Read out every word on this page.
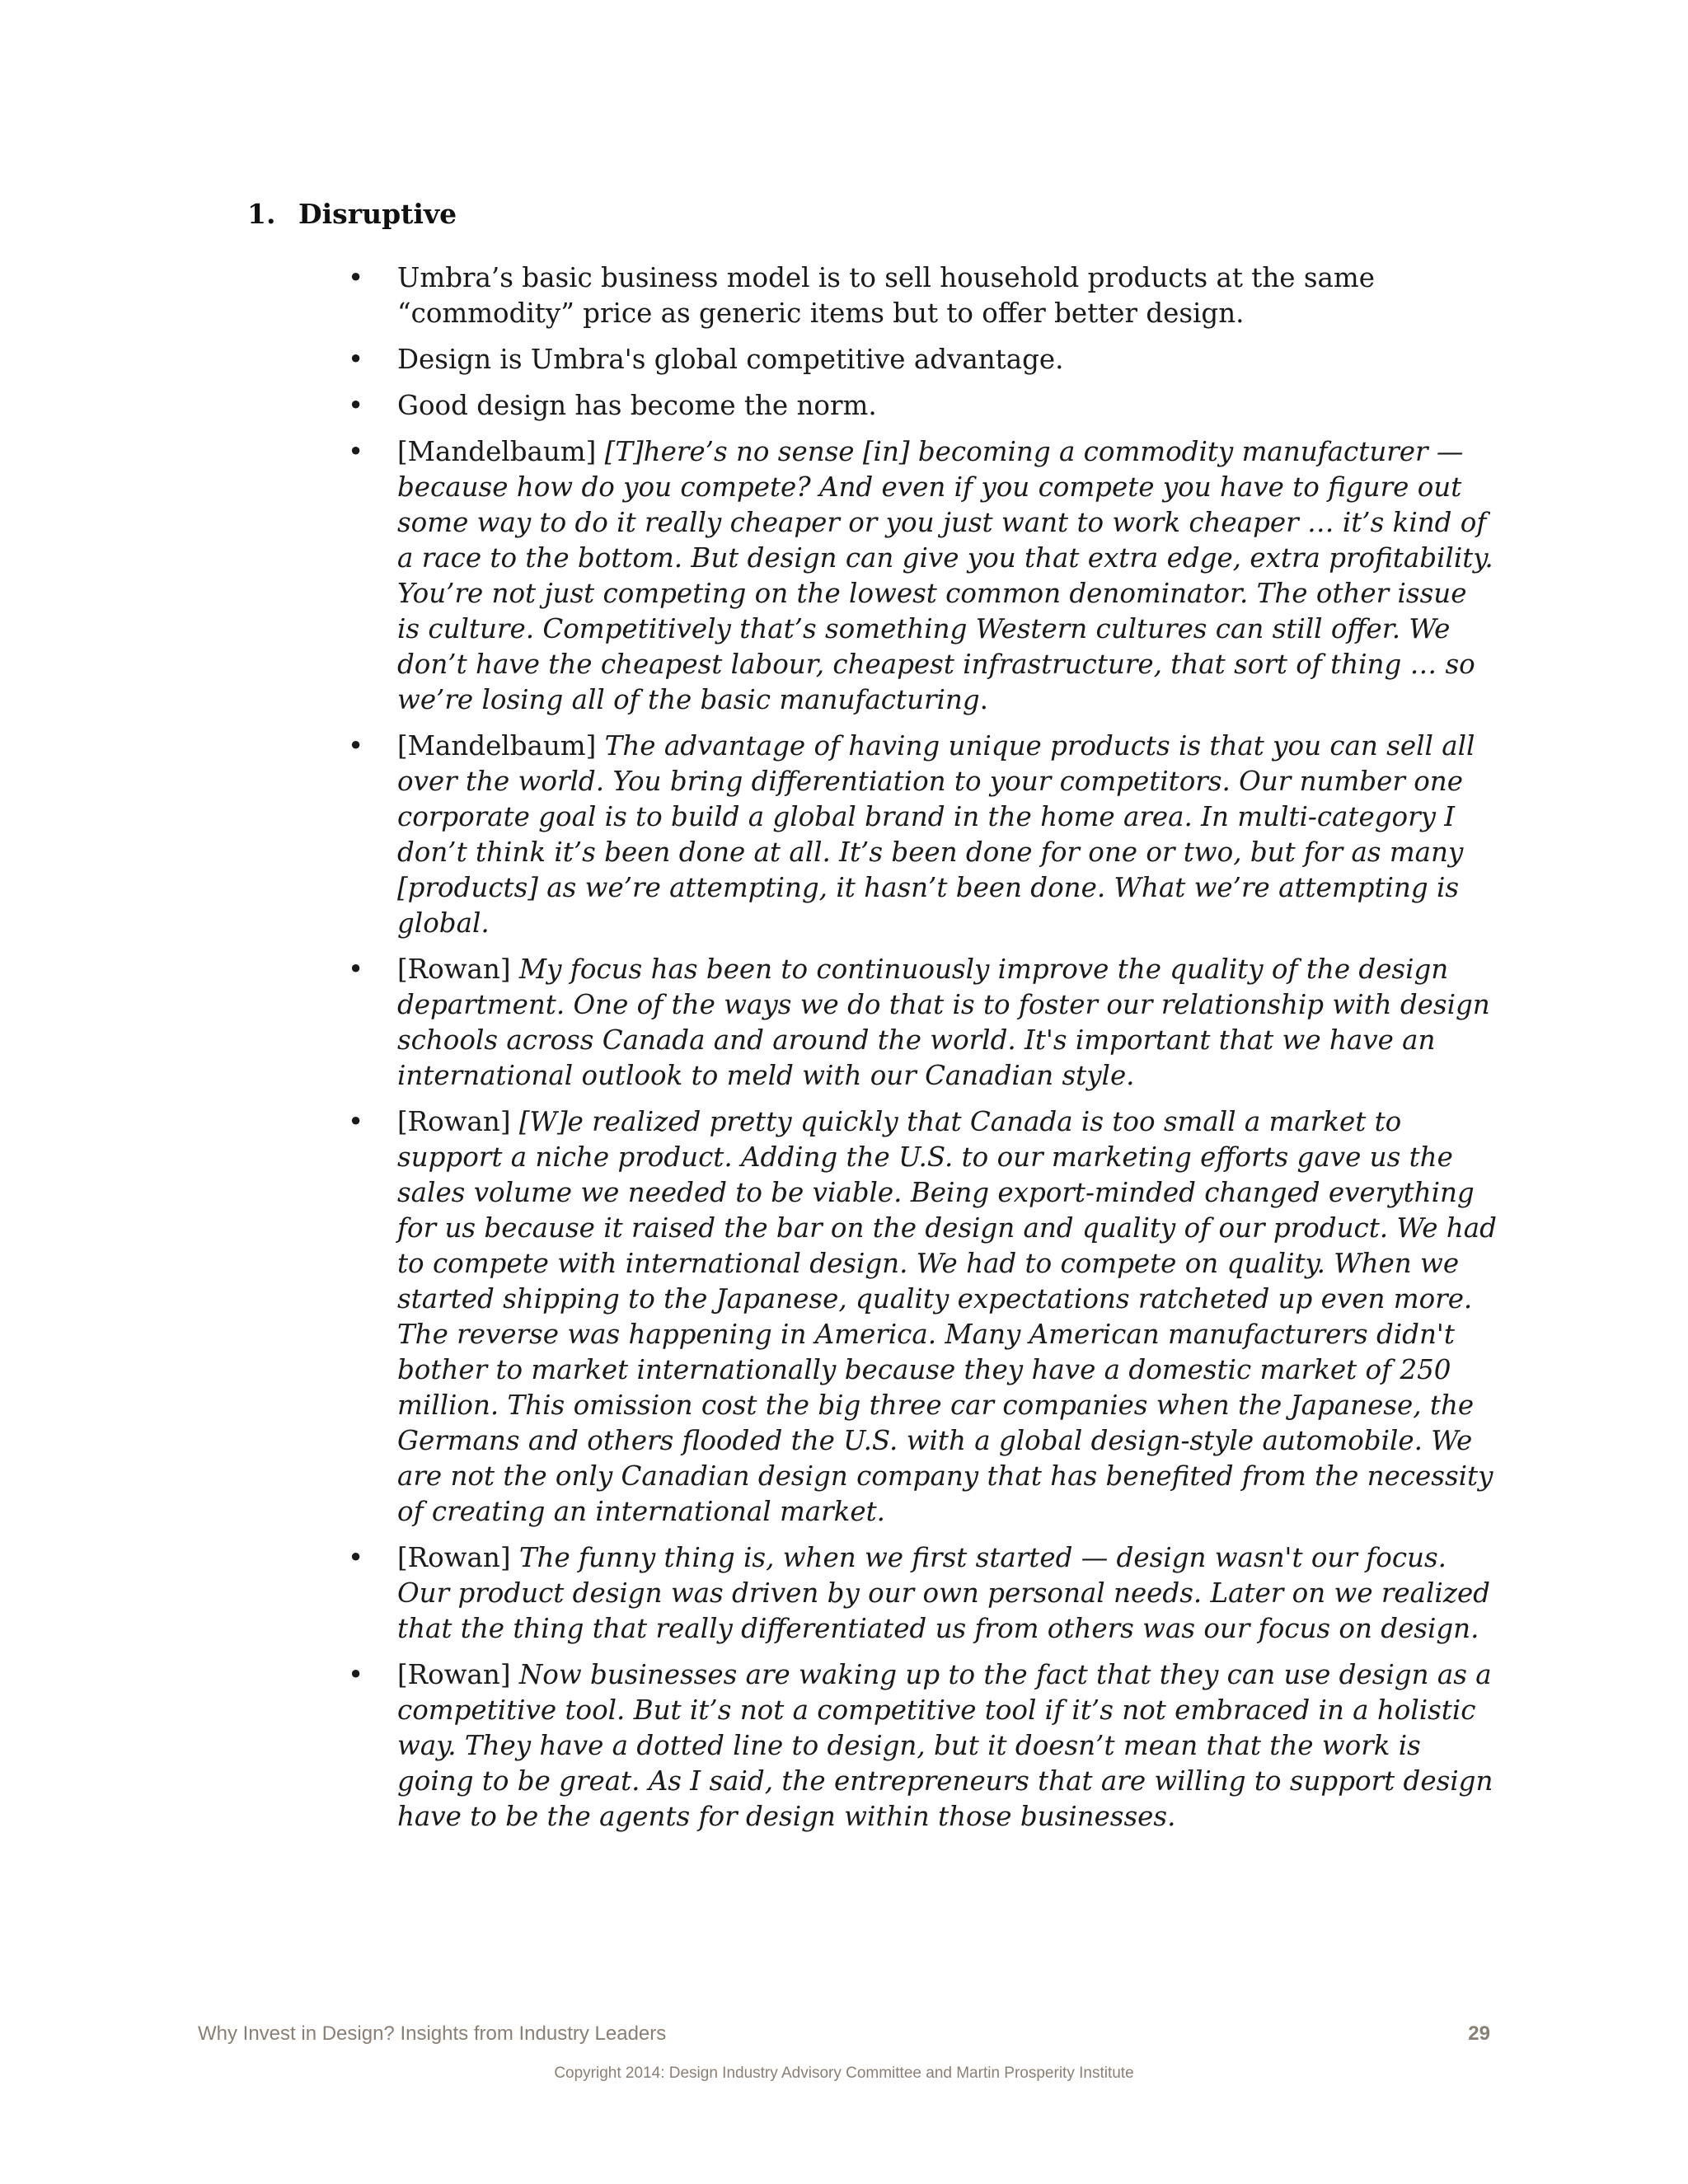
1. Disruptive
•	Umbra’s basic business model is to sell household products at the same “commodity” price as generic items but to offer better design.
•	Design is Umbra's global competitive advantage.
•	Good design has become the norm.
•	[Mandelbaum] [T]here’s no sense [in] becoming a commodity manufacturer — because how do you compete? And even if you compete you have to figure out some way to do it really cheaper or you just want to work cheaper … it’s kind of a race to the bottom. But design can give you that extra edge, extra profitability. You’re not just competing on the lowest common denominator. The other issue is culture. Competitively that’s something Western cultures can still offer. We don’t have the cheapest labour, cheapest infrastructure, that sort of thing … so we’re losing all of the basic manufacturing.
•	[Mandelbaum] The advantage of having unique products is that you can sell all over the world. You bring differentiation to your competitors. Our number one corporate goal is to build a global brand in the home area. In multi-category I don’t think it’s been done at all. It’s been done for one or two, but for as many [products] as we’re attempting, it hasn’t been done. What we’re attempting is global.
•	[Rowan] My focus has been to continuously improve the quality of the design department. One of the ways we do that is to foster our relationship with design schools across Canada and around the world. It's important that we have an international outlook to meld with our Canadian style.
•	[Rowan] [W]e realized pretty quickly that Canada is too small a market to support a niche product. Adding the U.S. to our marketing efforts gave us the sales volume we needed to be viable. Being export-minded changed everything for us because it raised the bar on the design and quality of our product. We had to compete with international design. We had to compete on quality. When we started shipping to the Japanese, quality expectations ratcheted up even more. The reverse was happening in America. Many American manufacturers didn't bother to market internationally because they have a domestic market of 250 million. This omission cost the big three car companies when the Japanese, the Germans and others flooded the U.S. with a global design-style automobile. We are not the only Canadian design company that has benefited from the necessity of creating an international market.
•	[Rowan] The funny thing is, when we first started — design wasn't our focus. Our product design was driven by our own personal needs. Later on we realized that the thing that really differentiated us from others was our focus on design.
•	[Rowan] Now businesses are waking up to the fact that they can use design as a competitive tool. But it’s not a competitive tool if it’s not embraced in a holistic way. They have a dotted line to design, but it doesn’t mean that the work is going to be great. As I said, the entrepreneurs that are willing to support design have to be the agents for design within those businesses.

Why Invest in Design? Insights from Industry Leaders	29

Copyright 2014: Design Industry Advisory Committee and Martin Prosperity Institute
